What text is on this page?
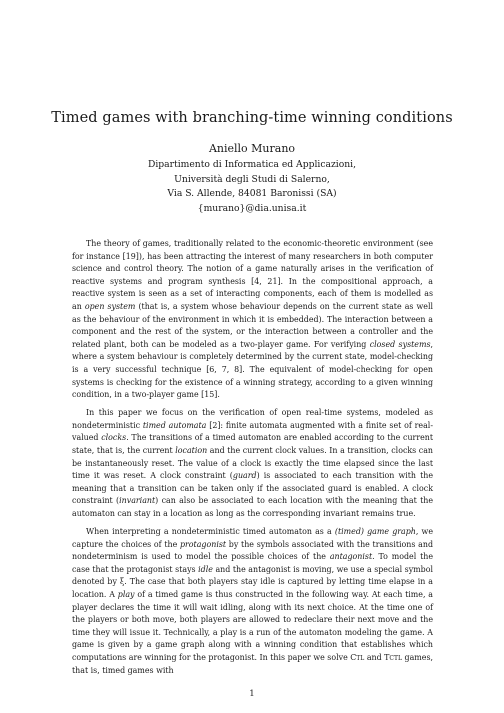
Timed games with branching-time winning conditions
Aniello Murano
Dipartimento di Informatica ed Applicazioni,
Università degli Studi di Salerno,
Via S. Allende, 84081 Baronissi (SA)
{murano}@dia.unisa.it

The theory of games, traditionally related to the economic-theoretic environment (see for instance [19]), has been attracting the interest of many researchers in both computer science and control theory. The notion of a game naturally arises in the verification of reactive systems and program synthesis [4, 21]. In the compositional approach, a reactive system is seen as a set of interacting components, each of them is modelled as an open system (that is, a system whose behaviour depends on the current state as well as the behaviour of the environment in which it is embedded). The interaction between a component and the rest of the system, or the interaction between a controller and the related plant, both can be modeled as a two-player game. For verifying closed systems, where a system behaviour is completely determined by the current state, model-checking is a very successful technique [6, 7, 8]. The equivalent of model-checking for open systems is checking for the existence of a winning strategy, according to a given winning condition, in a two-player game [15].

In this paper we focus on the verification of open real-time systems, modeled as nondeterministic timed automata [2]: finite automata augmented with a finite set of real-valued clocks. The transitions of a timed automaton are enabled according to the current state, that is, the current location and the current clock values. In a transition, clocks can be instantaneously reset. The value of a clock is exactly the time elapsed since the last time it was reset. A clock constraint (guard) is associated to each transition with the meaning that a transition can be taken only if the associated guard is enabled. A clock constraint (invariant) can also be associated to each location with the meaning that the automaton can stay in a location as long as the corresponding invariant remains true.

When interpreting a nondeterministic timed automaton as a (timed) game graph, we capture the choices of the protagonist by the symbols associated with the transitions and nondeterminism is used to model the possible choices of the antagonist. To model the case that the protagonist stays idle and the antagonist is moving, we use a special symbol denoted by ξ. The case that both players stay idle is captured by letting time elapse in a location. A play of a timed game is thus constructed in the following way. At each time, a player declares the time it will wait idling, along with its next choice. At the time one of the players or both move, both players are allowed to redeclare their next move and the time they will issue it. Technically, a play is a run of the automaton modeling the game. A game is given by a game graph along with a winning condition that establishes which computations are winning for the protagonist. In this paper we solve Ctl and Tctl games, that is, timed games with

1
